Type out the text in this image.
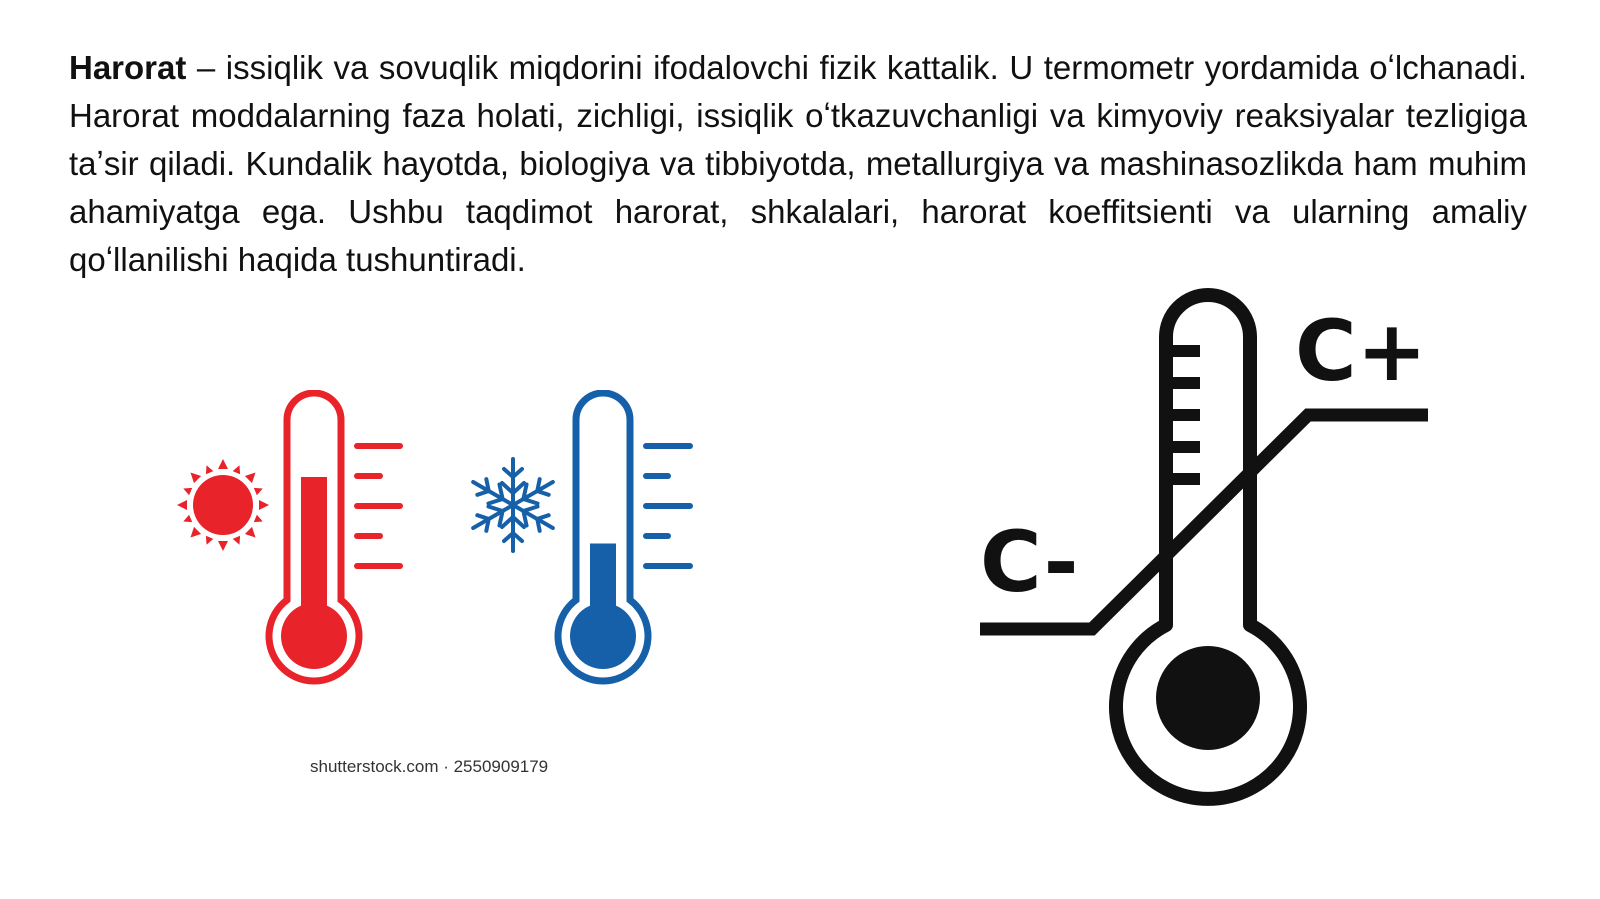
Harorat – issiqlik va sovuqlik miqdorini ifodalovchi fizik kattalik. U termometr yordamida oʻlchanadi. Harorat moddalarning faza holati, zichligi, issiqlik oʻtkazuvchanligi va kimyoviy reaksiyalar tezligiga taʼsir qiladi. Kundalik hayotda, biologiya va tibbiyotda, metallurgiya va mashinasozlikda ham muhim ahamiyatga ega. Ushbu taqdimot harorat, shkalalari, harorat koeffitsienti va ularning amaliy qoʻllanilishi haqida tushuntiradi.

shutterstock.com · 2550909179
C+
C-
